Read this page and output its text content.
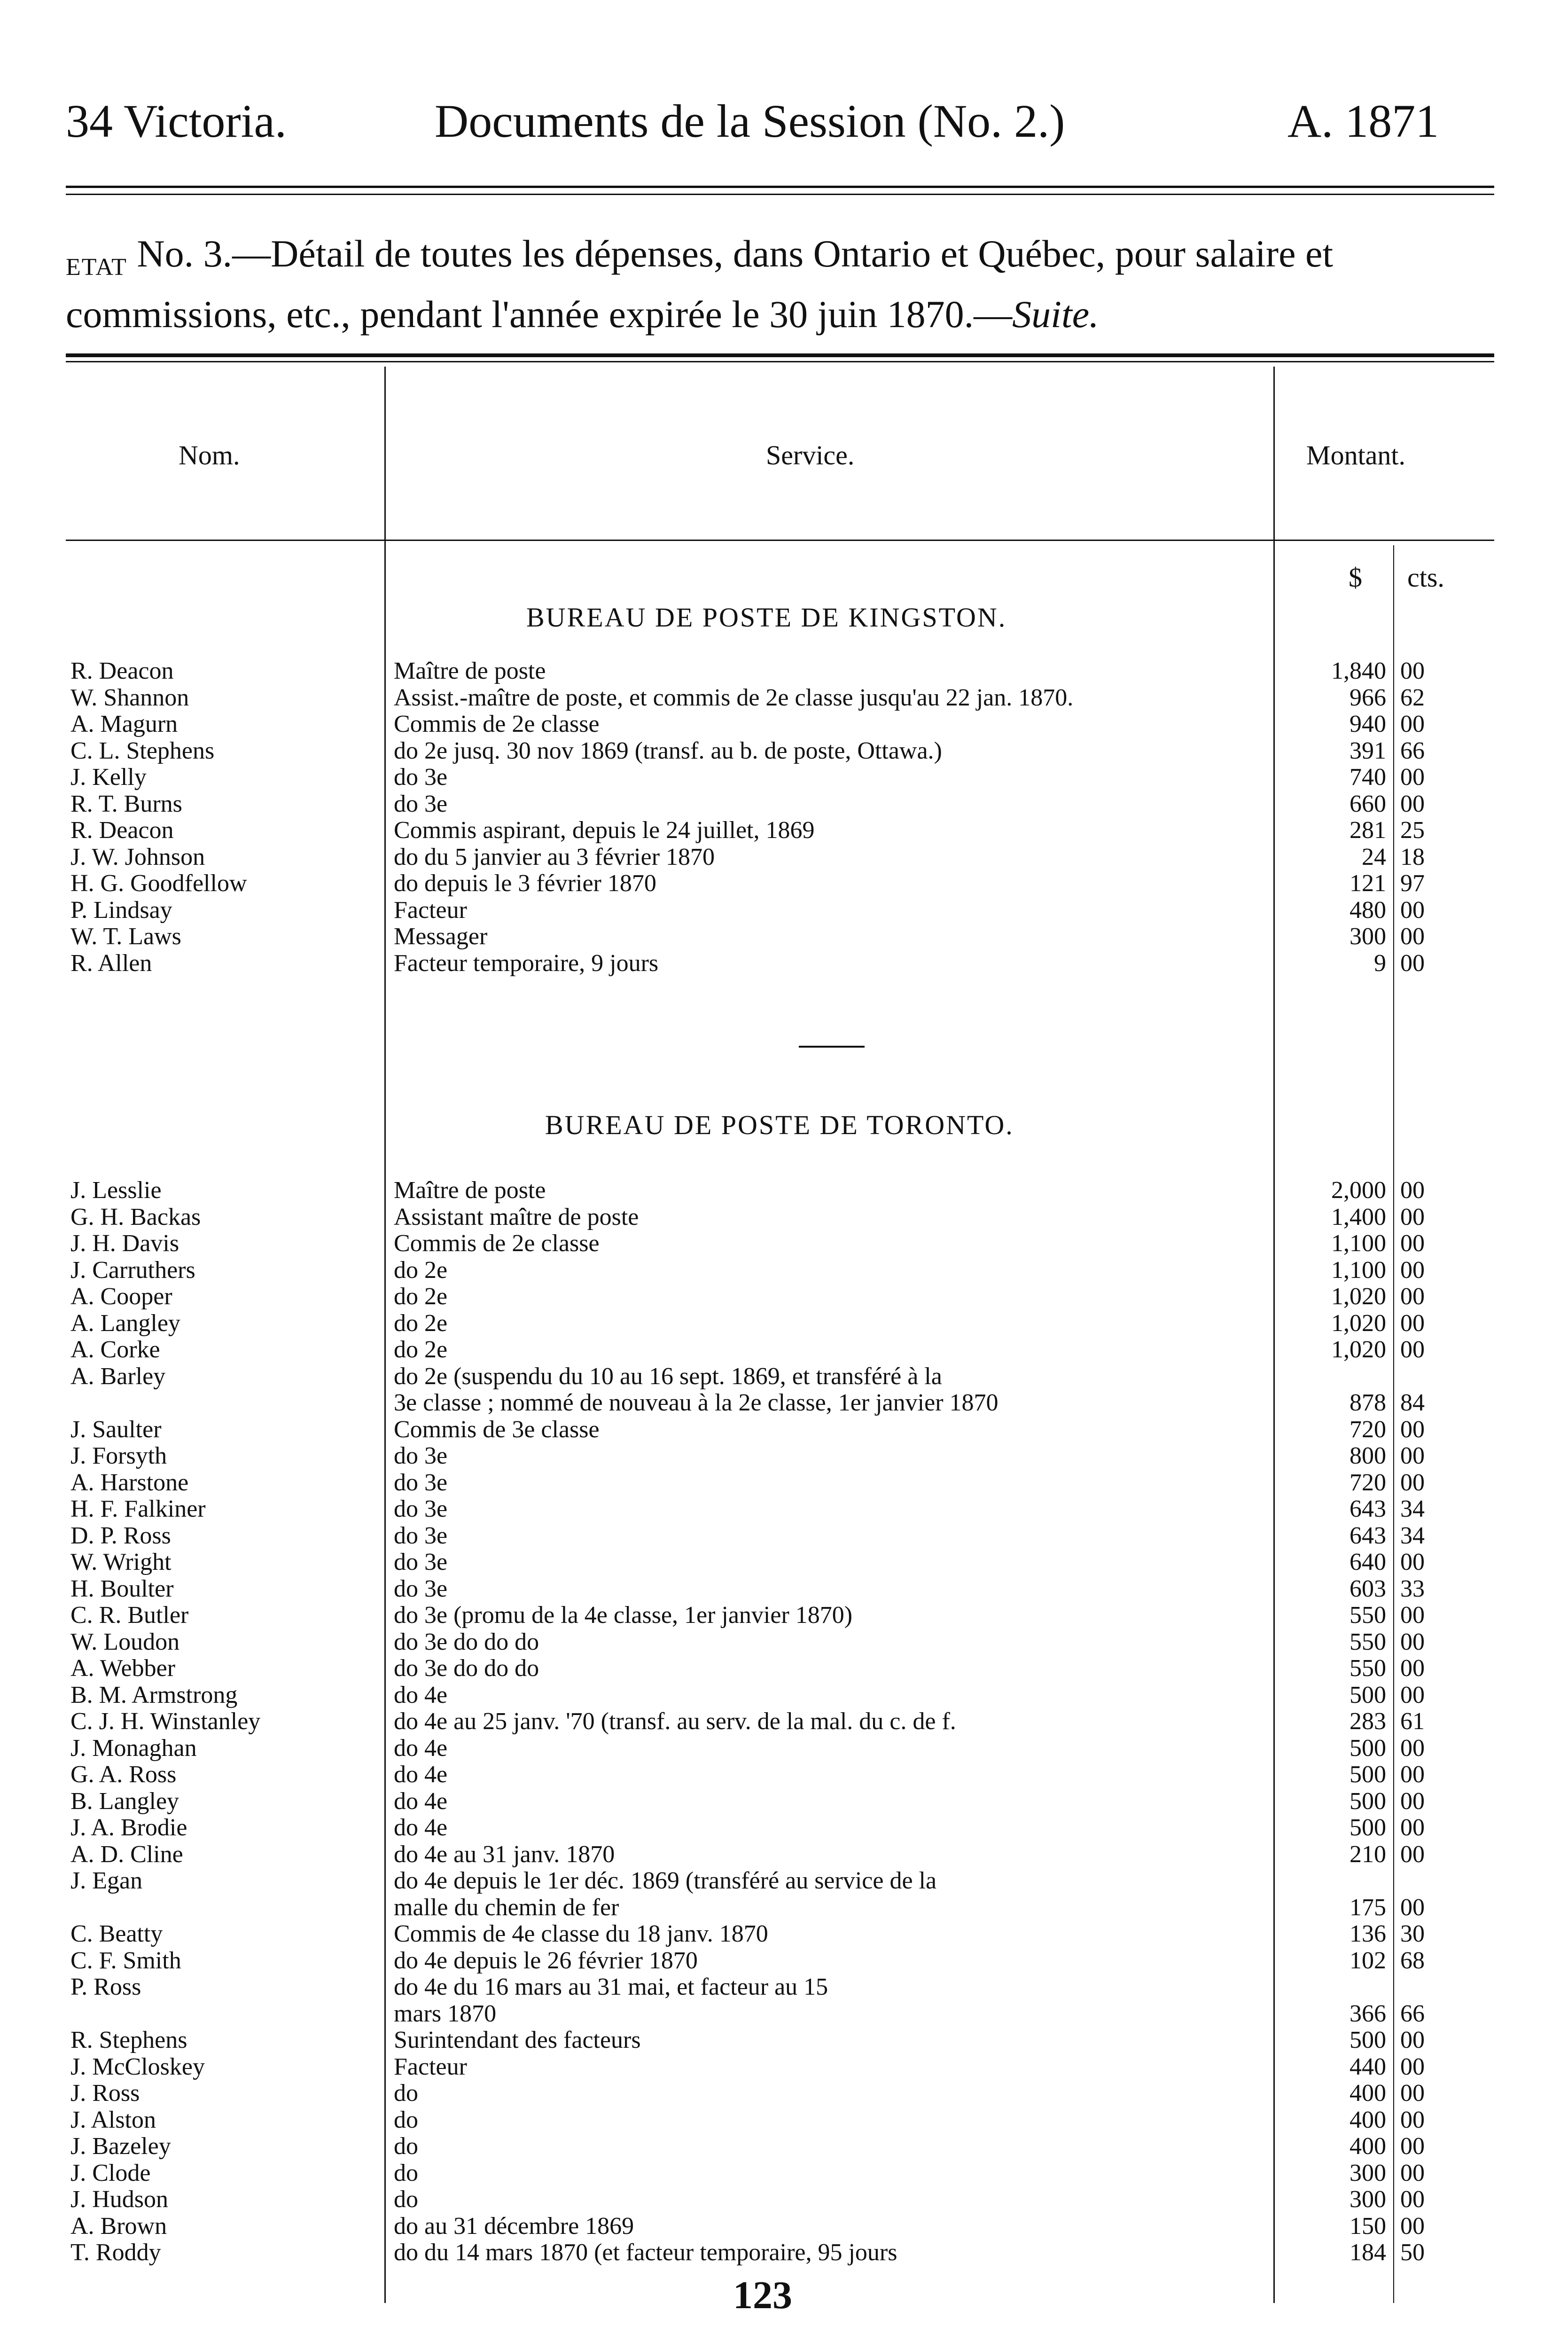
34 Victoria.	Documents de la Session (No. 2.)	A. 1871
$_{ETAT}$ No. 3.—Détail de toutes les dépenses, dans Ontario et Québec, pour salaire et commissions, etc., pendant l'année expirée le 30 juin 1870.—Suite.
Nom.	Service.	Montant.
$ cts.
BUREAU DE POSTE DE KINGSTON.
R. Deacon	Maître de poste	1,840 00
W. Shannon	Assist.-maître de poste, et commis de 2e classe jusqu'au 22 jan. 1870.	966 62
A. Magurn	Commis de 2e classe	940 00
C. L. Stephens	do 2e jusq. 30 nov 1869 (transf. au b. de poste, Ottawa.)	391 66
J. Kelly	do 3e	740 00
R. T. Burns	do 3e	660 00
R. Deacon	Commis aspirant, depuis le 24 juillet, 1869	281 25
J. W. Johnson	do du 5 janvier au 3 février 1870	24 18
H. G. Goodfellow	do depuis le 3 février 1870	121 97
P. Lindsay	Facteur	480 00
W. T. Laws	Messager	300 00
R. Allen	Facteur temporaire, 9 jours	9 00
BUREAU DE POSTE DE TORONTO.
J. Lesslie	Maître de poste	2,000 00
G. H. Backas	Assistant maître de poste	1,400 00
J. H. Davis	Commis de 2e classe	1,100 00
J. Carruthers	do 2e	1,100 00
A. Cooper	do 2e	1,020 00
A. Langley	do 2e	1,020 00
A. Corke	do 2e	1,020 00
A. Barley	do 2e (suspendu du 10 au 16 sept. 1869, et transféré à la
3e classe ; nommé de nouveau à la 2e classe, 1er janvier 1870	878 84
J. Saulter	Commis de 3e classe	720 00
J. Forsyth	do 3e	800 00
A. Harstone	do 3e	720 00
H. F. Falkiner	do 3e	643 34
D. P. Ross	do 3e	643 34
W. Wright	do 3e	640 00
H. Boulter	do 3e	603 33
C. R. Butler	do 3e (promu de la 4e classe, 1er janvier 1870)	550 00
W. Loudon	do 3e do do do	550 00
A. Webber	do 3e do do do	550 00
B. M. Armstrong	do 4e	500 00
C. J. H. Winstanley	do 4e au 25 janv. '70 (transf. au serv. de la mal. du c. de f.	283 61
J. Monaghan	do 4e	500 00
G. A. Ross	do 4e	500 00
B. Langley	do 4e	500 00
J. A. Brodie	do 4e	500 00
A. D. Cline	do 4e au 31 janv. 1870	210 00
J. Egan	do 4e depuis le 1er déc. 1869 (transféré au service de la
malle du chemin de fer	175 00
C. Beatty	Commis de 4e classe du 18 janv. 1870	136 30
C. F. Smith	do 4e depuis le 26 février 1870	102 68
P. Ross	do 4e du 16 mars au 31 mai, et facteur au 15
mars 1870	366 66
R. Stephens	Surintendant des facteurs	500 00
J. McCloskey	Facteur	440 00
J. Ross	do	400 00
J. Alston	do	400 00
J. Bazeley	do	400 00
J. Clode	do	300 00
J. Hudson	do	300 00
A. Brown	do au 31 décembre 1869	150 00
T. Roddy	do du 14 mars 1870 (et facteur temporaire, 95 jours	184 50
123
